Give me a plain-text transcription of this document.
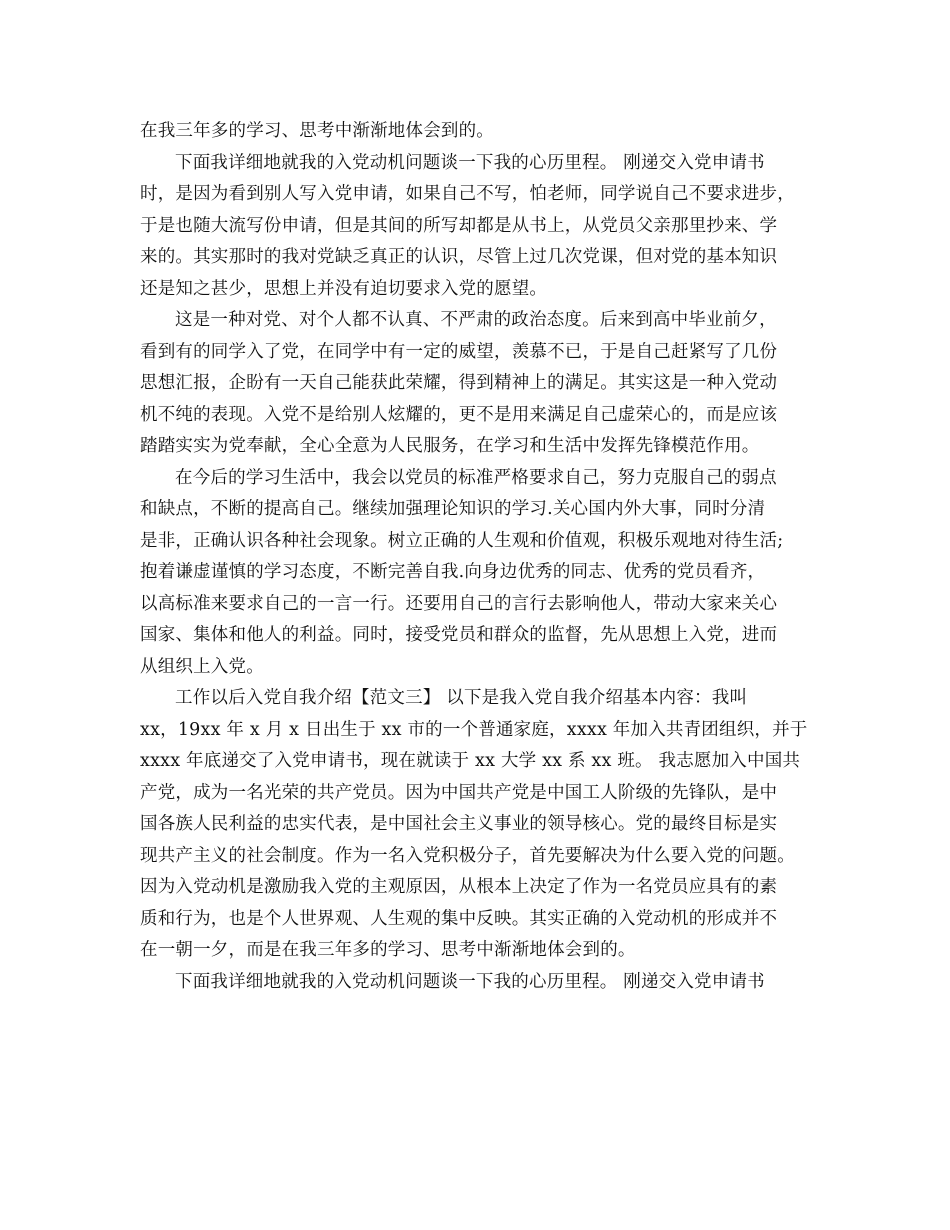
在我三年多的学习、思考中渐渐地体会到的。
下面我详细地就我的入党动机问题谈一下我的心历里程。 刚递交入党申请书
时，是因为看到别人写入党申请，如果自己不写，怕老师，同学说自己不要求进步，
于是也随大流写份申请，但是其间的所写却都是从书上，从党员父亲那里抄来、学
来的。其实那时的我对党缺乏真正的认识，尽管上过几次党课，但对党的基本知识
还是知之甚少，思想上并没有迫切要求入党的愿望。
这是一种对党、对个人都不认真、不严肃的政治态度。后来到高中毕业前夕，
看到有的同学入了党，在同学中有一定的威望，羡慕不已，于是自己赶紧写了几份
思想汇报，企盼有一天自己能获此荣耀，得到精神上的满足。其实这是一种入党动
机不纯的表现。入党不是给别人炫耀的，更不是用来满足自己虚荣心的，而是应该
踏踏实实为党奉献，全心全意为人民服务，在学习和生活中发挥先锋模范作用。
在今后的学习生活中，我会以党员的标准严格要求自己，努力克服自己的弱点
和缺点，不断的提高自己。继续加强理论知识的学习.关心国内外大事，同时分清
是非，正确认识各种社会现象。树立正确的人生观和价值观，积极乐观地对待生活;
抱着谦虚谨慎的学习态度，不断完善自我.向身边优秀的同志、优秀的党员看齐，
以高标准来要求自己的一言一行。还要用自己的言行去影响他人，带动大家来关心
国家、集体和他人的利益。同时，接受党员和群众的监督，先从思想上入党，进而
从组织上入党。
工作以后入党自我介绍【范文三】 以下是我入党自我介绍基本内容：我叫
xx，19xx 年 x 月 x 日出生于 xx 市的一个普通家庭，xxxx 年加入共青团组织，并于
xxxx 年底递交了入党申请书，现在就读于 xx 大学 xx 系 xx 班。 我志愿加入中国共
产党，成为一名光荣的共产党员。因为中国共产党是中国工人阶级的先锋队，是中
国各族人民利益的忠实代表，是中国社会主义事业的领导核心。党的最终目标是实
现共产主义的社会制度。作为一名入党积极分子，首先要解决为什么要入党的问题。
因为入党动机是激励我入党的主观原因，从根本上决定了作为一名党员应具有的素
质和行为，也是个人世界观、人生观的集中反映。其实正确的入党动机的形成并不
在一朝一夕，而是在我三年多的学习、思考中渐渐地体会到的。
下面我详细地就我的入党动机问题谈一下我的心历里程。 刚递交入党申请书
